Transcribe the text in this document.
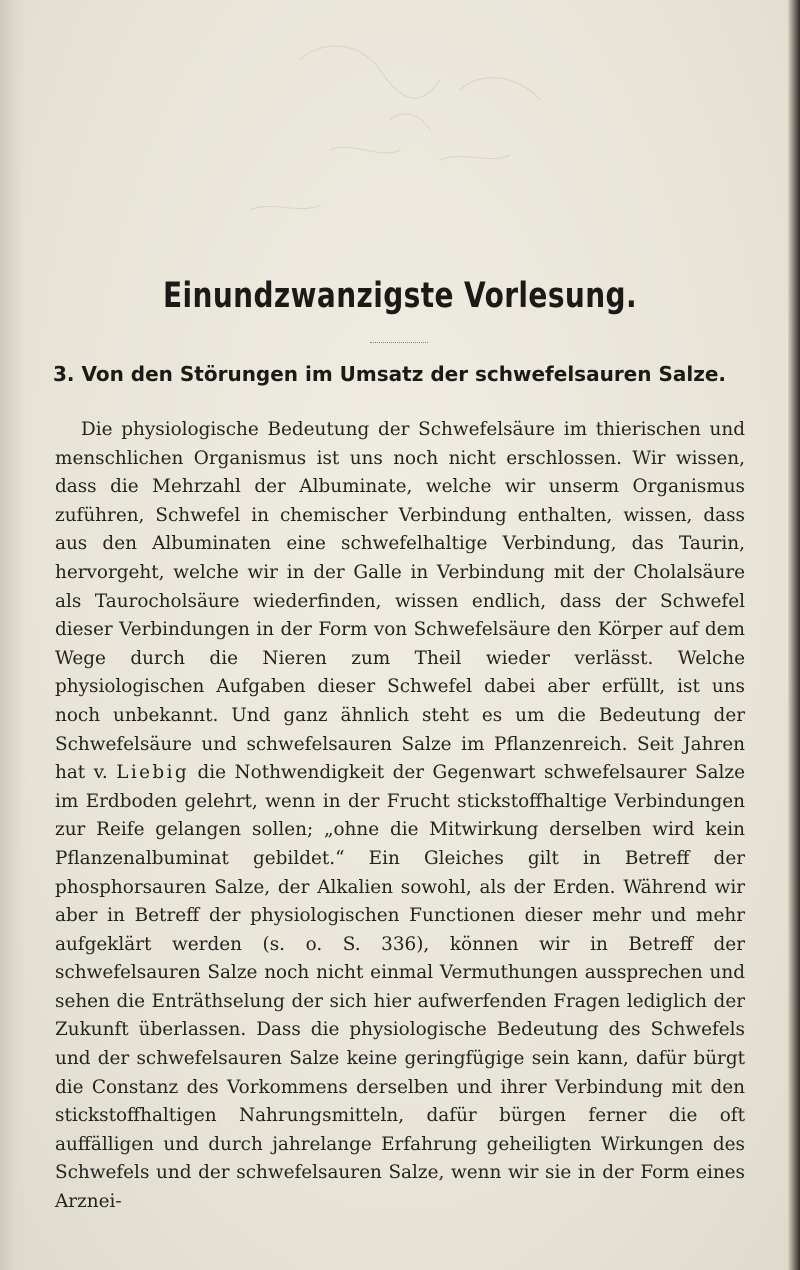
Einundzwanzigste Vorlesung.
3. Von den Störungen im Umsatz der schwefelsauren Salze.

Die physiologische Bedeutung der Schwefelsäure im thierischen und menschlichen Organismus ist uns noch nicht erschlossen. Wir wissen, dass die Mehrzahl der Albuminate, welche wir unserm Organismus zuführen, Schwefel in chemischer Verbindung enthalten, wissen, dass aus den Albuminaten eine schwefelhaltige Verbindung, das Taurin, hervorgeht, welche wir in der Galle in Verbindung mit der Cholalsäure als Taurocholsäure wiederfinden, wissen endlich, dass der Schwefel dieser Verbindungen in der Form von Schwefelsäure den Körper auf dem Wege durch die Nieren zum Theil wieder verlässt. Welche physiologischen Aufgaben dieser Schwefel dabei aber erfüllt, ist uns noch unbekannt. Und ganz ähnlich steht es um die Bedeutung der Schwefelsäure und schwefelsauren Salze im Pflanzenreich. Seit Jahren hat v. Liebig die Nothwendigkeit der Gegenwart schwefelsaurer Salze im Erdboden gelehrt, wenn in der Frucht stickstoffhaltige Verbindungen zur Reife gelangen sollen; „ohne die Mitwirkung derselben wird kein Pflanzenalbuminat gebildet.“ Ein Gleiches gilt in Betreff der phosphorsauren Salze, der Alkalien sowohl, als der Erden. Während wir aber in Betreff der physiologischen Functionen dieser mehr und mehr aufgeklärt werden (s. o. S. 336), können wir in Betreff der schwefelsauren Salze noch nicht einmal Vermuthungen aussprechen und sehen die Enträthselung der sich hier aufwerfenden Fragen lediglich der Zukunft überlassen. Dass die physiologische Bedeutung des Schwefels und der schwefelsauren Salze keine geringfügige sein kann, dafür bürgt die Constanz des Vorkommens derselben und ihrer Verbindung mit den stickstoffhaltigen Nahrungsmitteln, dafür bürgen ferner die oft auffälligen und durch jahrelange Erfahrung geheiligten Wirkungen des Schwefels und der schwefelsauren Salze, wenn wir sie in der Form eines Arznei-
